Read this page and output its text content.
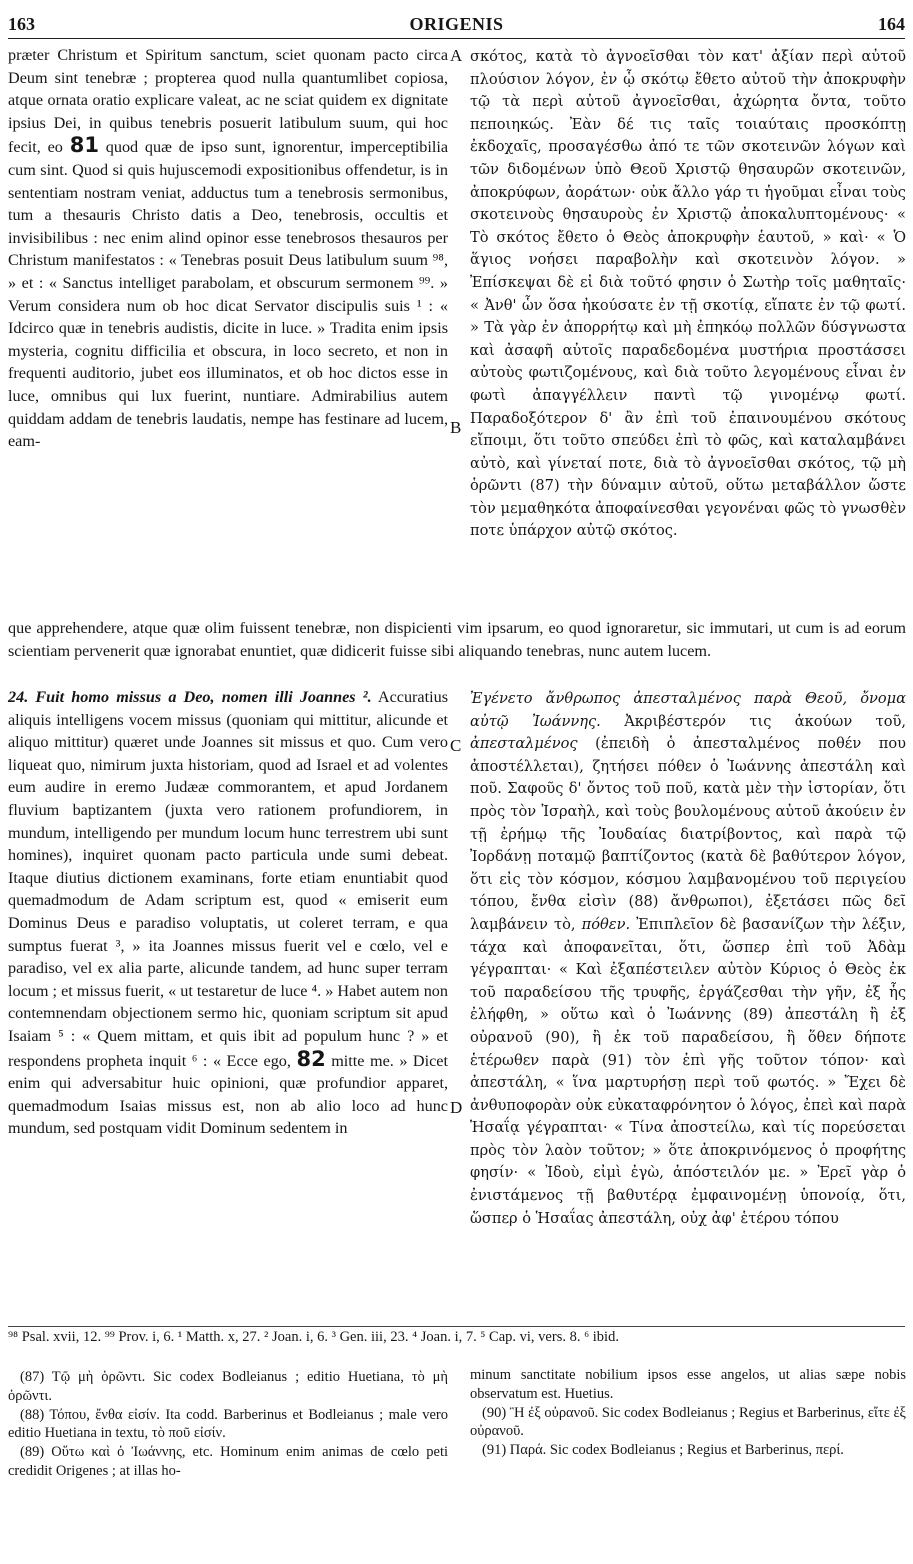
163	ORIGENIS	164

præter Christum et Spiritum sanctum, sciet quonam pacto circa Deum sint tenebræ ; propterea quod nulla quantumlibet copiosa, atque ornata oratio explicare valeat, ac ne sciat quidem ex dignitate ipsius Dei, in quibus tenebris posuerit latibulum suum, qui hoc fecit, eo 81 quod quæ de ipso sunt, ignorentur, imperceptibilia cum sint. Quod si quis hujuscemodi expositionibus offendetur, is in sententiam nostram veniat, adductus tum a tenebrosis sermonibus, tum a thesauris Christo datis a Deo, tenebrosis, occultis et invisibilibus : nec enim alind opinor esse tenebrosos thesauros per Christum manifestatos : « Tenebras posuit Deus latibulum suum ⁹⁸, » et : « Sanctus intelliget parabolam, et obscurum sermonem ⁹⁹. » Verum considera num ob hoc dicat Servator discipulis suis ¹ : « Idcirco quæ in tenebris audistis, dicite in luce. » Tradita enim ipsis mysteria, cognitu difficilia et obscura, in loco secreto, et non in frequenti auditorio, jubet eos illuminatos, et ob hoc dictos esse in luce, omnibus qui lux fuerint, nuntiare. Admirabilius autem quiddam addam de tenebris laudatis, nempe has festinare ad lucem, eam-

σκότος, κατὰ τὸ ἀγνοεῖσθαι τὸν κατ' ἀξίαν περὶ αὐτοῦ πλούσιον λόγον, ἐν ᾧ σκότῳ ἔθετο αὐτοῦ τὴν ἀποκρυφὴν τῷ τὰ περὶ αὐτοῦ ἀγνοεῖσθαι, ἀχώρητα ὄντα, τοῦτο πεποιηκώς. Ἐὰν δέ τις ταῖς τοιαύταις προσκόπτῃ ἐκδοχαῖς, προσαγέσθω ἀπό τε τῶν σκοτεινῶν λόγων καὶ τῶν διδομένων ὑπὸ Θεοῦ Χριστῷ θησαυρῶν σκοτεινῶν, ἀποκρύφων, ἀοράτων· οὐκ ἄλλο γάρ τι ἡγοῦμαι εἶναι τοὺς σκοτεινοὺς θησαυροὺς ἐν Χριστῷ ἀποκαλυπτομένους· « Τὸ σκότος ἔθετο ὁ Θεὸς ἀποκρυφὴν ἑαυτοῦ, » καὶ· « Ὁ ἅγιος νοήσει παραβολὴν καὶ σκοτεινὸν λόγον. » Ἐπίσκεψαι δὲ εἰ διὰ τοῦτό φησιν ὁ Σωτὴρ τοῖς μαθηταῖς· « Ἀνθ' ὧν ὅσα ἠκούσατε ἐν τῇ σκοτίᾳ, εἴπατε ἐν τῷ φωτί. » Τὰ γὰρ ἐν ἀπορρήτῳ καὶ μὴ ἐπηκόῳ πολλῶν δύσγνωστα καὶ ἀσαφῆ αὐτοῖς παραδεδομένα μυστήρια προστάσσει αὐτοὺς φωτιζομένους, καὶ διὰ τοῦτο λεγομένους εἶναι ἐν φωτὶ ἀπαγγέλλειν παντὶ τῷ γινομένῳ φωτί. Παραδοξότερον δ' ἂν ἐπὶ τοῦ ἐπαινουμένου σκότους εἴποιμι, ὅτι τοῦτο σπεύδει ἐπὶ τὸ φῶς, καὶ καταλαμβάνει αὐτὸ, καὶ γίνεταί ποτε, διὰ τὸ ἀγνοεῖσθαι σκότος, τῷ μὴ ὁρῶντι (87) τὴν δύναμιν αὐτοῦ, οὕτω μεταβάλλον ὥστε τὸν μεμαθηκότα ἀποφαίνεσθαι γεγονέναι φῶς τὸ γνωσθὲν ποτε ὑπάρχον αὐτῷ σκότος.

A
B

que apprehendere, atque quæ olim fuissent tenebræ, non dispicienti vim ipsarum, eo quod ignoraretur, sic immutari, ut cum is ad eorum scientiam pervenerit quæ ignorabat enuntiet, quæ didicerit fuisse sibi aliquando tenebras, nunc autem lucem.

24. Fuit homo missus a Deo, nomen illi Joannes ². Accuratius aliquis intelligens vocem missus (quoniam qui mittitur, alicunde et aliquo mittitur) quæret unde Joannes sit missus et quo. Cum vero liqueat quo, nimirum juxta historiam, quod ad Israel et ad volentes eum audire in eremo Judææ commorantem, et apud Jordanem fluvium baptizantem (juxta vero rationem profundiorem, in mundum, intelligendo per mundum locum hunc terrestrem ubi sunt homines), inquiret quonam pacto particula unde sumi debeat. Itaque diutius dictionem examinans, forte etiam enuntiabit quod quemadmodum de Adam scriptum est, quod « emiserit eum Dominus Deus e paradiso voluptatis, ut coleret terram, e qua sumptus fuerat ³, » ita Joannes missus fuerit vel e cœlo, vel e paradiso, vel ex alia parte, alicunde tandem, ad hunc super terram locum ; et missus fuerit, « ut testaretur de luce ⁴. » Habet autem non contemnendam objectionem sermo hic, quoniam scriptum sit apud Isaiam ⁵ : « Quem mittam, et quis ibit ad populum hunc ? » et respondens propheta inquit ⁶ : « Ecce ego, 82 mitte me. » Dicet enim qui adversabitur huic opinioni, quæ profundior apparet, quemadmodum Isaias missus est, non ab alio loco ad hunc mundum, sed postquam vidit Dominum sedentem in

Ἐγένετο ἄνθρωπος ἀπεσταλμένος παρὰ Θεοῦ, ὄνομα αὐτῷ Ἰωάννης. Ἀκριβέστερόν τις ἀκούων τοῦ, ἀπεσταλμένος (ἐπειδὴ ὁ ἀπεσταλμένος ποθέν που ἀποστέλλεται), ζητήσει πόθεν ὁ Ἰωάννης ἀπεστάλη καὶ ποῦ. Σαφοῦς δ' ὄντος τοῦ ποῦ, κατὰ μὲν τὴν ἱστορίαν, ὅτι πρὸς τὸν Ἰσραὴλ, καὶ τοὺς βουλομένους αὐτοῦ ἀκούειν ἐν τῇ ἐρήμῳ τῆς Ἰουδαίας διατρίβοντος, καὶ παρὰ τῷ Ἰορδάνῃ ποταμῷ βαπτίζοντος (κατὰ δὲ βαθύτερον λόγον, ὅτι εἰς τὸν κόσμον, κόσμου λαμβανομένου τοῦ περιγείου τόπου, ἔνθα εἰσὶν (88) ἄνθρωποι), ἐξετάσει πῶς δεῖ λαμβάνειν τὸ, πόθεν. Ἐπιπλεῖον δὲ βασανίζων τὴν λέξιν, τάχα καὶ ἀποφανεῖται, ὅτι, ὥσπερ ἐπὶ τοῦ Ἀδὰμ γέγραπται· « Καὶ ἐξαπέστειλεν αὐτὸν Κύριος ὁ Θεὸς ἐκ τοῦ παραδείσου τῆς τρυφῆς, ἐργάζεσθαι τὴν γῆν, ἐξ ἧς ἐλήφθη, » οὕτω καὶ ὁ Ἰωάννης (89) ἀπεστάλη ἢ ἐξ οὐρανοῦ (90), ἢ ἐκ τοῦ παραδείσου, ἢ ὅθεν δήποτε ἑτέρωθεν παρὰ (91) τὸν ἐπὶ γῆς τοῦτον τόπον· καὶ ἀπεστάλη, « ἵνα μαρτυρήσῃ περὶ τοῦ φωτός. » Ἔχει δὲ ἀνθυποφορὰν οὐκ εὐκαταφρόνητον ὁ λόγος, ἐπεὶ καὶ παρὰ Ἡσαΐᾳ γέγραπται· « Τίνα ἀποστείλω, καὶ τίς πορεύσεται πρὸς τὸν λαὸν τοῦτον; » ὅτε ἀποκρινόμενος ὁ προφήτης φησίν· « Ἰδοὺ, εἰμὶ ἐγὼ, ἀπόστειλόν με. » Ἐρεῖ γὰρ ὁ ἐνιστάμενος τῇ βαθυτέρᾳ ἐμφαινομένῃ ὑπονοίᾳ, ὅτι, ὥσπερ ὁ Ἡσαΐας ἀπεστάλη, οὐχ ἀφ' ἑτέρου τόπου

C
D
⁹⁸ Psal. xvii, 12. ⁹⁹ Prov. i, 6. ¹ Matth. x, 27. ² Joan. i, 6. ³ Gen. iii, 23. ⁴ Joan. i, 7. ⁵ Cap. vi, vers. 8. ⁶ ibid.

(87) Τῷ μὴ ὁρῶντι. Sic codex Bodleianus ; editio Huetiana, τὸ μὴ ὁρῶντι.

(88) Τόπου, ἔνθα εἰσίν. Ita codd. Barberinus et Bodleianus ; male vero editio Huetiana in textu, τὸ ποῦ εἰσίν.

(89) Οὕτω καὶ ὁ Ἰωάννης, etc. Hominum enim animas de cœlo peti credidit Origenes ; at illas ho-

minum sanctitate nobilium ipsos esse angelos, ut alias sæpe nobis observatum est. Huetius.

(90) Ἢ ἐξ οὐρανοῦ. Sic codex Bodleianus ; Regius et Barberinus, εἴτε ἐξ οὐρανοῦ.

(91) Παρά. Sic codex Bodleianus ; Regius et Barberinus, περί.
